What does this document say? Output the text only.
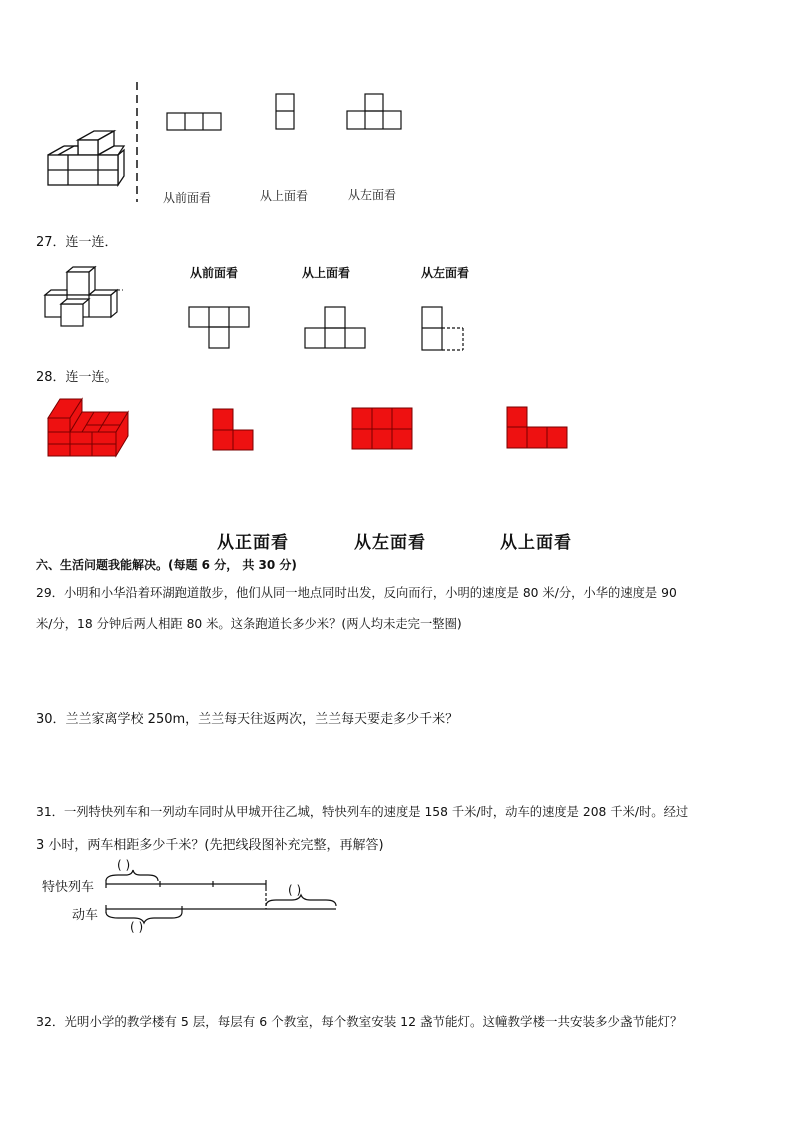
从前面看	从上面看	从左面看
27．连一连．
从前面看	从上面看	从左面看
28．连一连。
从正面看	从左面看	从上面看
六、生活问题我能解决。(每题 6 分， 共 30 分)
29．小明和小华沿着环湖跑道散步，他们从同一地点同时出发，反向而行，小明的速度是 80 米/分，小华的速度是 90
米/分，18 分钟后两人相距 80 米。这条跑道长多少米？(两人均未走完一整圈)
30．兰兰家离学校 250m，兰兰每天往返两次，兰兰每天要走多少千米？
31．一列特快列车和一列动车同时从甲城开往乙城，特快列车的速度是 158 千米/时，动车的速度是 208 千米/时。经过
3 小时，两车相距多少千米？(先把线段图补充完整，再解答)
特快列车
动车
( )
( )
( )
32．光明小学的教学楼有 5 层，每层有 6 个教室，每个教室安装 12 盏节能灯。这幢教学楼一共安装多少盏节能灯？
